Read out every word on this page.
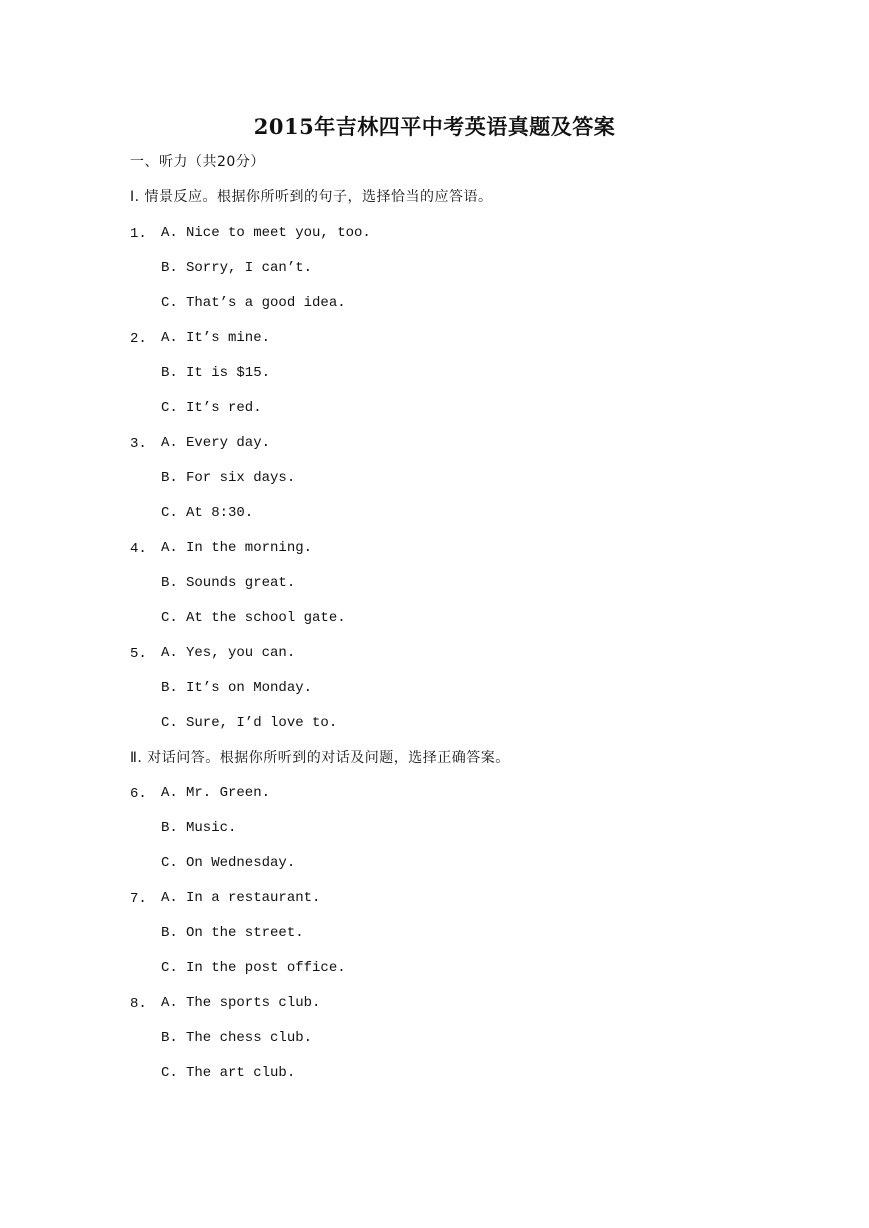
2015年吉林四平中考英语真题及答案
一、听力（共20分）
Ⅰ. 情景反应。根据你所听到的句子，选择恰当的应答语。
1.	A. Nice to meet you, too.
B. Sorry, I can’t.
C. That’s a good idea.
2.	A. It’s mine.
B. It is $15.
C. It’s red.
3.	A. Every day.
B. For six days.
C. At 8:30.
4.	A. In the morning.
B. Sounds great.
C. At the school gate.
5.	A. Yes, you can.
B. It’s on Monday.
C. Sure, I’d love to.
Ⅱ. 对话问答。根据你所听到的对话及问题，选择正确答案。
6.	A. Mr. Green.
B. Music.
C. On Wednesday.
7.	A. In a restaurant.
B. On the street.
C. In the post office.
8.	A. The sports club.
B. The chess club.
C. The art club.
